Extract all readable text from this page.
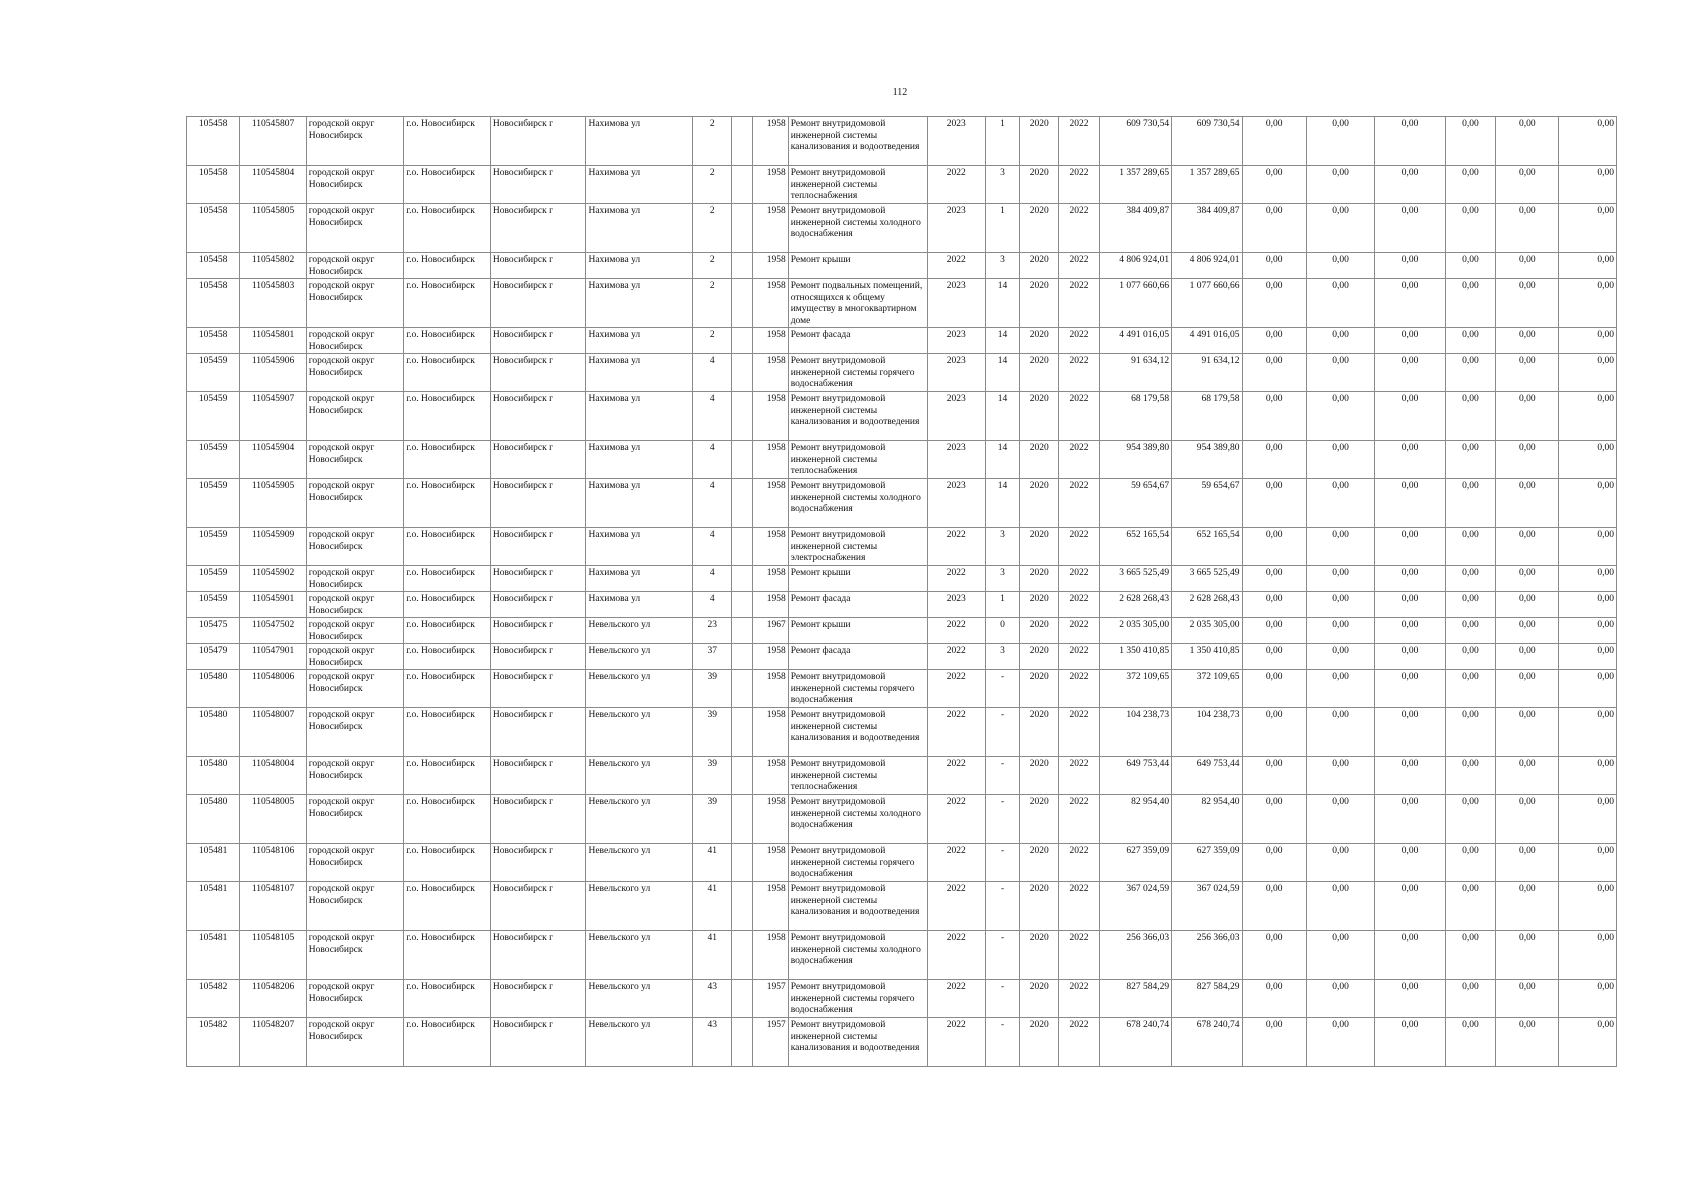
112
105458	110545807	городской округ Новосибирск	г.о. Новосибирск	Новосибирск г	Нахимова ул	2		1958	Ремонт внутридомовой инженерной системы канализования и водоотведения	2023	1	2020	2022	609 730,54	609 730,54	0,00	0,00	0,00	0,00	0,00	0,00
105458	110545804	городской округ Новосибирск	г.о. Новосибирск	Новосибирск г	Нахимова ул	2		1958	Ремонт внутридомовой инженерной системы теплоснабжения	2022	3	2020	2022	1 357 289,65	1 357 289,65	0,00	0,00	0,00	0,00	0,00	0,00
105458	110545805	городской округ Новосибирск	г.о. Новосибирск	Новосибирск г	Нахимова ул	2		1958	Ремонт внутридомовой инженерной системы холодного водоснабжения	2023	1	2020	2022	384 409,87	384 409,87	0,00	0,00	0,00	0,00	0,00	0,00
105458	110545802	городской округ Новосибирск	г.о. Новосибирск	Новосибирск г	Нахимова ул	2		1958	Ремонт крыши	2022	3	2020	2022	4 806 924,01	4 806 924,01	0,00	0,00	0,00	0,00	0,00	0,00
105458	110545803	городской округ Новосибирск	г.о. Новосибирск	Новосибирск г	Нахимова ул	2		1958	Ремонт подвальных помещений, относящихся к общему имуществу в многоквартирном доме	2023	14	2020	2022	1 077 660,66	1 077 660,66	0,00	0,00	0,00	0,00	0,00	0,00
105458	110545801	городской округ Новосибирск	г.о. Новосибирск	Новосибирск г	Нахимова ул	2		1958	Ремонт фасада	2023	14	2020	2022	4 491 016,05	4 491 016,05	0,00	0,00	0,00	0,00	0,00	0,00
105459	110545906	городской округ Новосибирск	г.о. Новосибирск	Новосибирск г	Нахимова ул	4		1958	Ремонт внутридомовой инженерной системы горячего водоснабжения	2023	14	2020	2022	91 634,12	91 634,12	0,00	0,00	0,00	0,00	0,00	0,00
105459	110545907	городской округ Новосибирск	г.о. Новосибирск	Новосибирск г	Нахимова ул	4		1958	Ремонт внутридомовой инженерной системы канализования и водоотведения	2023	14	2020	2022	68 179,58	68 179,58	0,00	0,00	0,00	0,00	0,00	0,00
105459	110545904	городской округ Новосибирск	г.о. Новосибирск	Новосибирск г	Нахимова ул	4		1958	Ремонт внутридомовой инженерной системы теплоснабжения	2023	14	2020	2022	954 389,80	954 389,80	0,00	0,00	0,00	0,00	0,00	0,00
105459	110545905	городской округ Новосибирск	г.о. Новосибирск	Новосибирск г	Нахимова ул	4		1958	Ремонт внутридомовой инженерной системы холодного водоснабжения	2023	14	2020	2022	59 654,67	59 654,67	0,00	0,00	0,00	0,00	0,00	0,00
105459	110545909	городской округ Новосибирск	г.о. Новосибирск	Новосибирск г	Нахимова ул	4		1958	Ремонт внутридомовой инженерной системы электроснабжения	2022	3	2020	2022	652 165,54	652 165,54	0,00	0,00	0,00	0,00	0,00	0,00
105459	110545902	городской округ Новосибирск	г.о. Новосибирск	Новосибирск г	Нахимова ул	4		1958	Ремонт крыши	2022	3	2020	2022	3 665 525,49	3 665 525,49	0,00	0,00	0,00	0,00	0,00	0,00
105459	110545901	городской округ Новосибирск	г.о. Новосибирск	Новосибирск г	Нахимова ул	4		1958	Ремонт фасада	2023	1	2020	2022	2 628 268,43	2 628 268,43	0,00	0,00	0,00	0,00	0,00	0,00
105475	110547502	городской округ Новосибирск	г.о. Новосибирск	Новосибирск г	Невельского ул	23		1967	Ремонт крыши	2022	0	2020	2022	2 035 305,00	2 035 305,00	0,00	0,00	0,00	0,00	0,00	0,00
105479	110547901	городской округ Новосибирск	г.о. Новосибирск	Новосибирск г	Невельского ул	37		1958	Ремонт фасада	2022	3	2020	2022	1 350 410,85	1 350 410,85	0,00	0,00	0,00	0,00	0,00	0,00
105480	110548006	городской округ Новосибирск	г.о. Новосибирск	Новосибирск г	Невельского ул	39		1958	Ремонт внутридомовой инженерной системы горячего водоснабжения	2022	-	2020	2022	372 109,65	372 109,65	0,00	0,00	0,00	0,00	0,00	0,00
105480	110548007	городской округ Новосибирск	г.о. Новосибирск	Новосибирск г	Невельского ул	39		1958	Ремонт внутридомовой инженерной системы канализования и водоотведения	2022	-	2020	2022	104 238,73	104 238,73	0,00	0,00	0,00	0,00	0,00	0,00
105480	110548004	городской округ Новосибирск	г.о. Новосибирск	Новосибирск г	Невельского ул	39		1958	Ремонт внутридомовой инженерной системы теплоснабжения	2022	-	2020	2022	649 753,44	649 753,44	0,00	0,00	0,00	0,00	0,00	0,00
105480	110548005	городской округ Новосибирск	г.о. Новосибирск	Новосибирск г	Невельского ул	39		1958	Ремонт внутридомовой инженерной системы холодного водоснабжения	2022	-	2020	2022	82 954,40	82 954,40	0,00	0,00	0,00	0,00	0,00	0,00
105481	110548106	городской округ Новосибирск	г.о. Новосибирск	Новосибирск г	Невельского ул	41		1958	Ремонт внутридомовой инженерной системы горячего водоснабжения	2022	-	2020	2022	627 359,09	627 359,09	0,00	0,00	0,00	0,00	0,00	0,00
105481	110548107	городской округ Новосибирск	г.о. Новосибирск	Новосибирск г	Невельского ул	41		1958	Ремонт внутридомовой инженерной системы канализования и водоотведения	2022	-	2020	2022	367 024,59	367 024,59	0,00	0,00	0,00	0,00	0,00	0,00
105481	110548105	городской округ Новосибирск	г.о. Новосибирск	Новосибирск г	Невельского ул	41		1958	Ремонт внутридомовой инженерной системы холодного водоснабжения	2022	-	2020	2022	256 366,03	256 366,03	0,00	0,00	0,00	0,00	0,00	0,00
105482	110548206	городской округ Новосибирск	г.о. Новосибирск	Новосибирск г	Невельского ул	43		1957	Ремонт внутридомовой инженерной системы горячего водоснабжения	2022	-	2020	2022	827 584,29	827 584,29	0,00	0,00	0,00	0,00	0,00	0,00
105482	110548207	городской округ Новосибирск	г.о. Новосибирск	Новосибирск г	Невельского ул	43		1957	Ремонт внутридомовой инженерной системы канализования и водоотведения	2022	-	2020	2022	678 240,74	678 240,74	0,00	0,00	0,00	0,00	0,00	0,00
